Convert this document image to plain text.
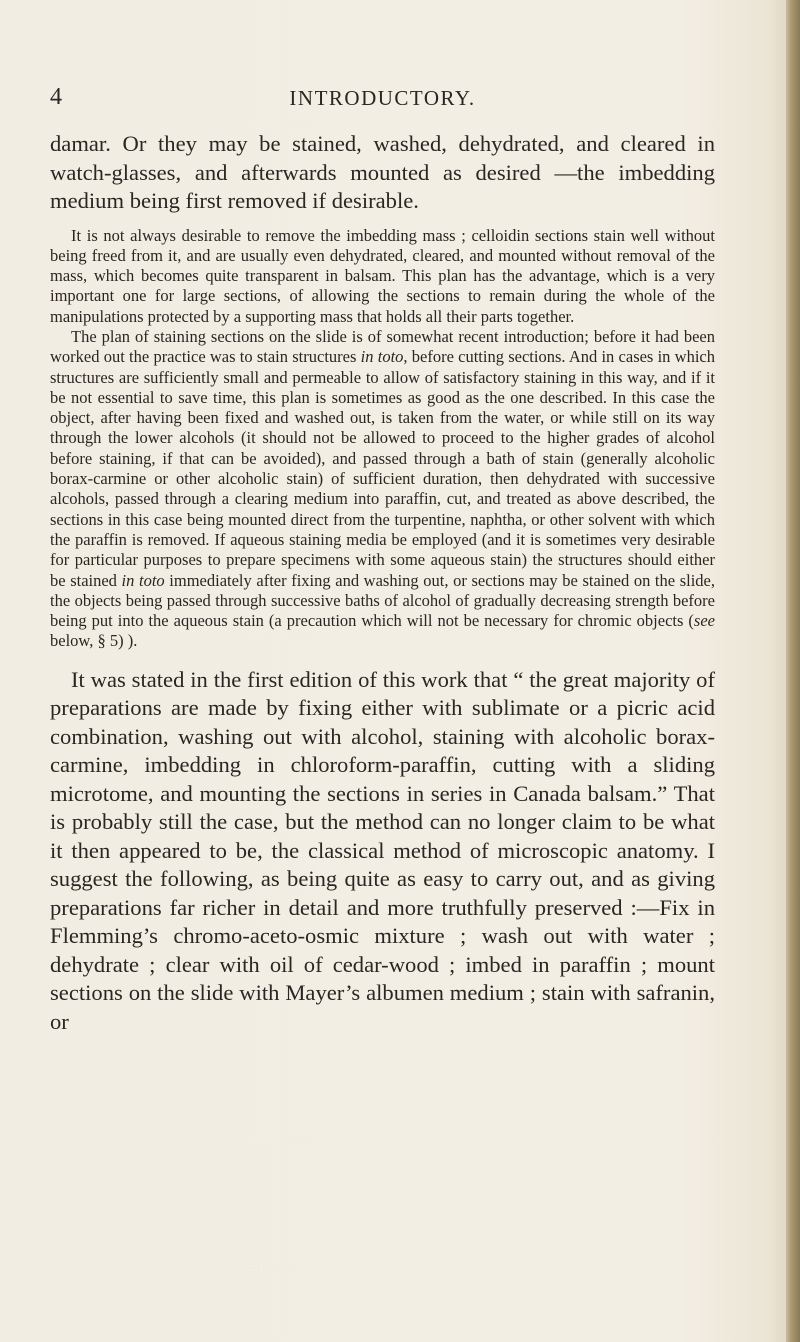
4	INTRODUCTORY.

damar. Or they may be stained, washed, dehydrated, and cleared in watch-glasses, and afterwards mounted as desired —the imbedding medium being first removed if desirable.

It is not always desirable to remove the imbedding mass ; celloidin sections stain well without being freed from it, and are usually even dehydrated, cleared, and mounted without removal of the mass, which becomes quite transparent in balsam. This plan has the advantage, which is a very important one for large sections, of allowing the sections to remain during the whole of the manipulations protected by a supporting mass that holds all their parts together.

The plan of staining sections on the slide is of somewhat recent introduction; before it had been worked out the practice was to stain structures in toto, before cutting sections. And in cases in which structures are sufficiently small and permeable to allow of satisfactory staining in this way, and if it be not essential to save time, this plan is sometimes as good as the one described. In this case the object, after having been fixed and washed out, is taken from the water, or while still on its way through the lower alcohols (it should not be allowed to proceed to the higher grades of alcohol before staining, if that can be avoided), and passed through a bath of stain (generally alcoholic borax-carmine or other alcoholic stain) of sufficient duration, then dehydrated with successive alcohols, passed through a clearing medium into paraffin, cut, and treated as above described, the sections in this case being mounted direct from the turpentine, naphtha, or other solvent with which the paraffin is removed. If aqueous staining media be employed (and it is sometimes very desirable for particular purposes to prepare specimens with some aqueous stain) the structures should either be stained in toto immediately after fixing and washing out, or sections may be stained on the slide, the objects being passed through successive baths of alcohol of gradually decreasing strength before being put into the aqueous stain (a precaution which will not be necessary for chromic objects (see below, § 5) ).

It was stated in the first edition of this work that “ the great majority of preparations are made by fixing either with sublimate or a picric acid combination, washing out with alcohol, staining with alcoholic borax-carmine, imbedding in chloroform-paraffin, cutting with a sliding microtome, and mounting the sections in series in Canada balsam.” That is probably still the case, but the method can no longer claim to be what it then appeared to be, the classical method of microscopic anatomy. I suggest the following, as being quite as easy to carry out, and as giving preparations far richer in detail and more truthfully preserved :—Fix in Flemming’s chromo-aceto-osmic mixture ; wash out with water ; dehydrate ; clear with oil of cedar-wood ; imbed in paraffin ; mount sections on the slide with Mayer’s albumen medium ; stain with safranin, or
